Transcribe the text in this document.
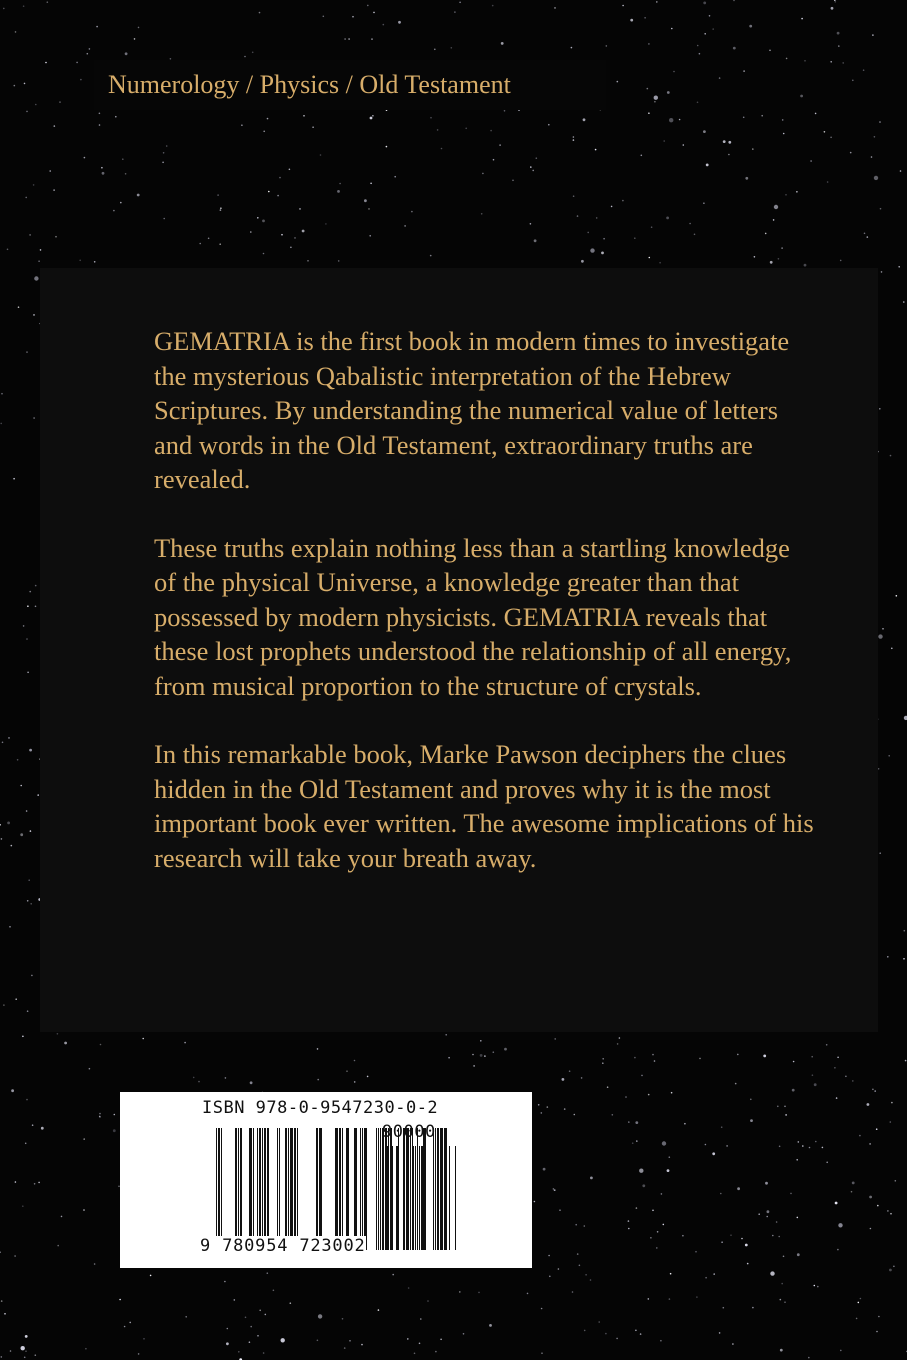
Numerology / Physics / Old Testament

GEMATRIA is the first book in modern times to investigate the mysterious Qabalistic interpretation of the Hebrew Scriptures. By understanding the numerical value of letters and words in the Old Testament, extraordinary truths are revealed.

These truths explain nothing less than a startling knowledge of the physical Universe, a knowledge greater than that possessed by modern physicists. GEMATRIA reveals that these lost prophets understood the relationship of all energy, from musical proportion to the structure of crystals.

In this remarkable book, Marke Pawson deciphers the clues hidden in the Old Testament and proves why it is the most important book ever written. The awesome implications of his research will take your breath away.

ISBN 978-0-9547230-0-2
90000
9 780954 723002
